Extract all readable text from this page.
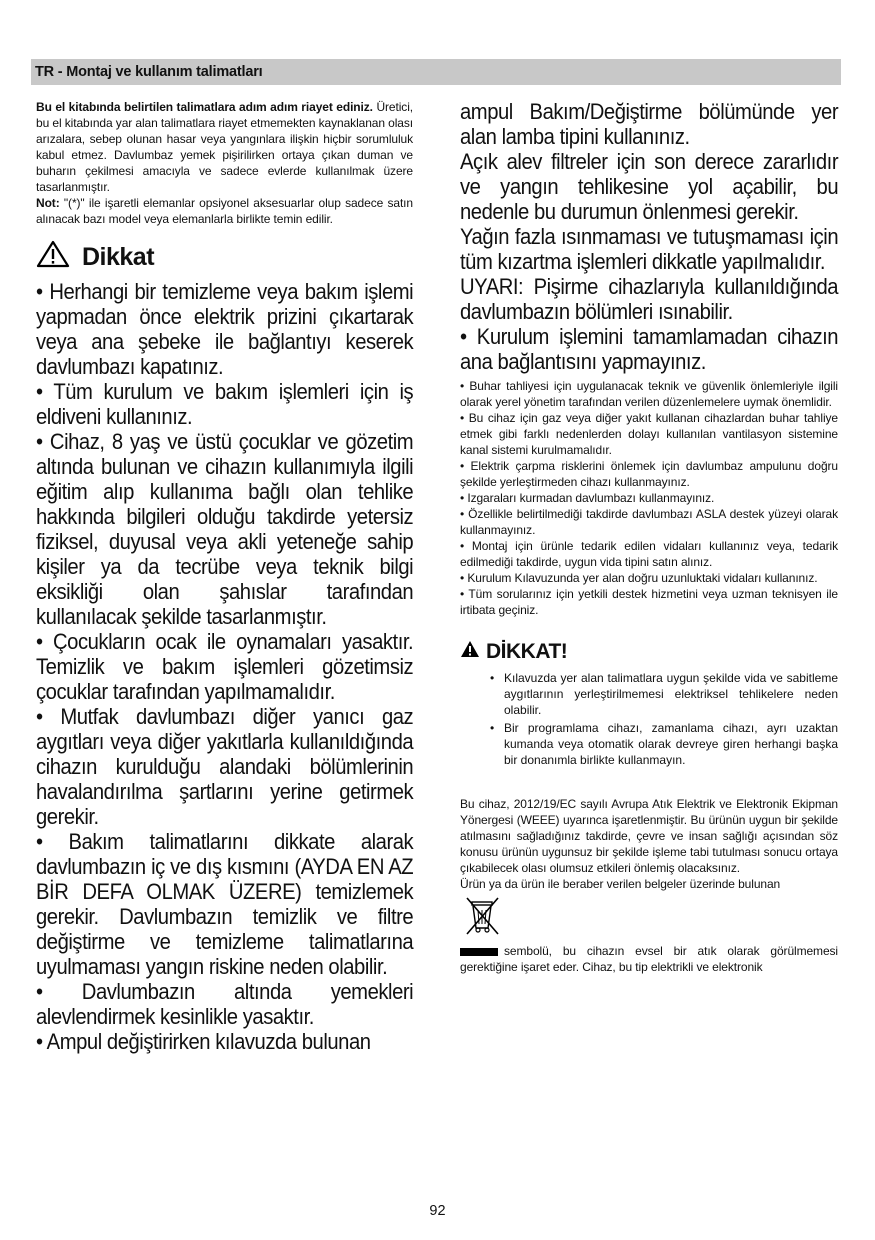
TR - Montaj ve kullanım talimatları

Bu el kitabında belirtilen talimatlara adım adım riayet ediniz. Üretici, bu el kitabında yar alan talimatlara riayet etmemekten kaynaklanan olası arızalara, sebep olunan hasar veya yangınlara ilişkin hiçbir sorumluluk kabul etmez. Davlumbaz yemek pişirilirken ortaya çıkan duman ve buharın çekilmesi amacıyla ve sadece evlerde kullanılmak üzere tasarlanmıştır.

Not: "(*)" ile işaretli elemanlar opsiyonel aksesuarlar olup sadece satın alınacak bazı model veya elemanlarla birlikte temin edilir.

Dikkat

• Herhangi bir temizleme veya bakım işlemi yapmadan önce elektrik prizini çıkartarak veya ana şebeke ile bağlantıyı keserek davlumbazı kapatınız.

• Tüm kurulum ve bakım işlemleri için iş eldiveni kullanınız.

• Cihaz, 8 yaş ve üstü çocuklar ve gözetim altında bulunan ve cihazın kullanımıyla ilgili eğitim alıp kullanıma bağlı olan tehlike hakkında bilgileri olduğu takdirde yetersiz fiziksel, duyusal veya akli yeteneğe sahip kişiler ya da tecrübe veya teknik bilgi eksikliği olan şahıslar tarafından kullanılacak şekilde tasarlanmıştır.

• Çocukların ocak ile oynamaları yasaktır. Temizlik ve bakım işlemleri gözetimsiz çocuklar tarafından yapılmamalıdır.

• Mutfak davlumbazı diğer yanıcı gaz aygıtları veya diğer yakıtlarla kullanıldığında cihazın kurulduğu alandaki bölümlerinin havalandırılma şartlarını yerine getirmek gerekir.

• Bakım talimatlarını dikkate alarak davlumbazın iç ve dış kısmını (AYDA EN AZ BİR DEFA OLMAK ÜZERE) temizlemek gerekir. Davlumbazın temizlik ve filtre değiştirme ve temizleme talimatlarına uyulmaması yangın riskine neden olabilir.

• Davlumbazın altında yemekleri alevlendirmek kesinlikle yasaktır.

• Ampul değiştirirken kılavuzda bulunan

ampul Bakım/Değiştirme bölümünde yer alan lamba tipini kullanınız.

Açık alev filtreler için son derece zararlıdır ve yangın tehlikesine yol açabilir, bu nedenle bu durumun önlenmesi gerekir.

Yağın fazla ısınmaması ve tutuşmaması için tüm kızartma işlemleri dikkatle yapılmalıdır.

UYARI: Pişirme cihazlarıyla kullanıldığında davlumbazın bölümleri ısınabilir.

• Kurulum işlemini tamamlamadan cihazın ana bağlantısını yapmayınız.

• Buhar tahliyesi için uygulanacak teknik ve güvenlik önlemleriyle ilgili olarak yerel yönetim tarafından verilen düzenlemelere uymak önemlidir.

• Bu cihaz için gaz veya diğer yakıt kullanan cihazlardan buhar tahliye etmek gibi farklı nedenlerden dolayı kullanılan vantilasyon sistemine kanal sistemi kurulmamalıdır.

• Elektrik çarpma risklerini önlemek için davlumbaz ampulunu doğru şekilde yerleştirmeden cihazı kullanmayınız.

• Izgaraları kurmadan davlumbazı kullanmayınız.

• Özellikle belirtilmediği takdirde davlumbazı ASLA destek yüzeyi olarak kullanmayınız.

• Montaj için ürünle tedarik edilen vidaları kullanınız veya, tedarik edilmediği takdirde, uygun vida tipini satın alınız.

• Kurulum Kılavuzunda yer alan doğru uzunluktaki vidaları kullanınız.

• Tüm sorularınız için yetkili destek hizmetini veya uzman teknisyen ile irtibata geçiniz.

DİKKAT!
• Kılavuzda yer alan talimatlara uygun şekilde vida ve sabitleme aygıtlarının yerleştirilmemesi elektriksel tehlikelere neden olabilir.
• Bir programlama cihazı, zamanlama cihazı, ayrı uzaktan kumanda veya otomatik olarak devreye giren herhangi başka bir donanımla birlikte kullanmayın.

Bu cihaz, 2012/19/EC sayılı Avrupa Atık Elektrik ve Elektronik Ekipman Yönergesi (WEEE) uyarınca işaretlenmiştir. Bu ürünün uygun bir şekilde atılmasını sağladığınız takdirde, çevre ve insan sağlığı açısından söz konusu ürünün uygunsuz bir şekilde işleme tabi tutulması sonucu ortaya çıkabilecek olası olumsuz etkileri önlemiş olacaksınız.

Ürün ya da ürün ile beraber verilen belgeler üzerinde bulunan

sembolü, bu cihazın evsel bir atık olarak görülmemesi gerektiğine işaret eder. Cihaz, bu tip elektrikli ve elektronik

92
